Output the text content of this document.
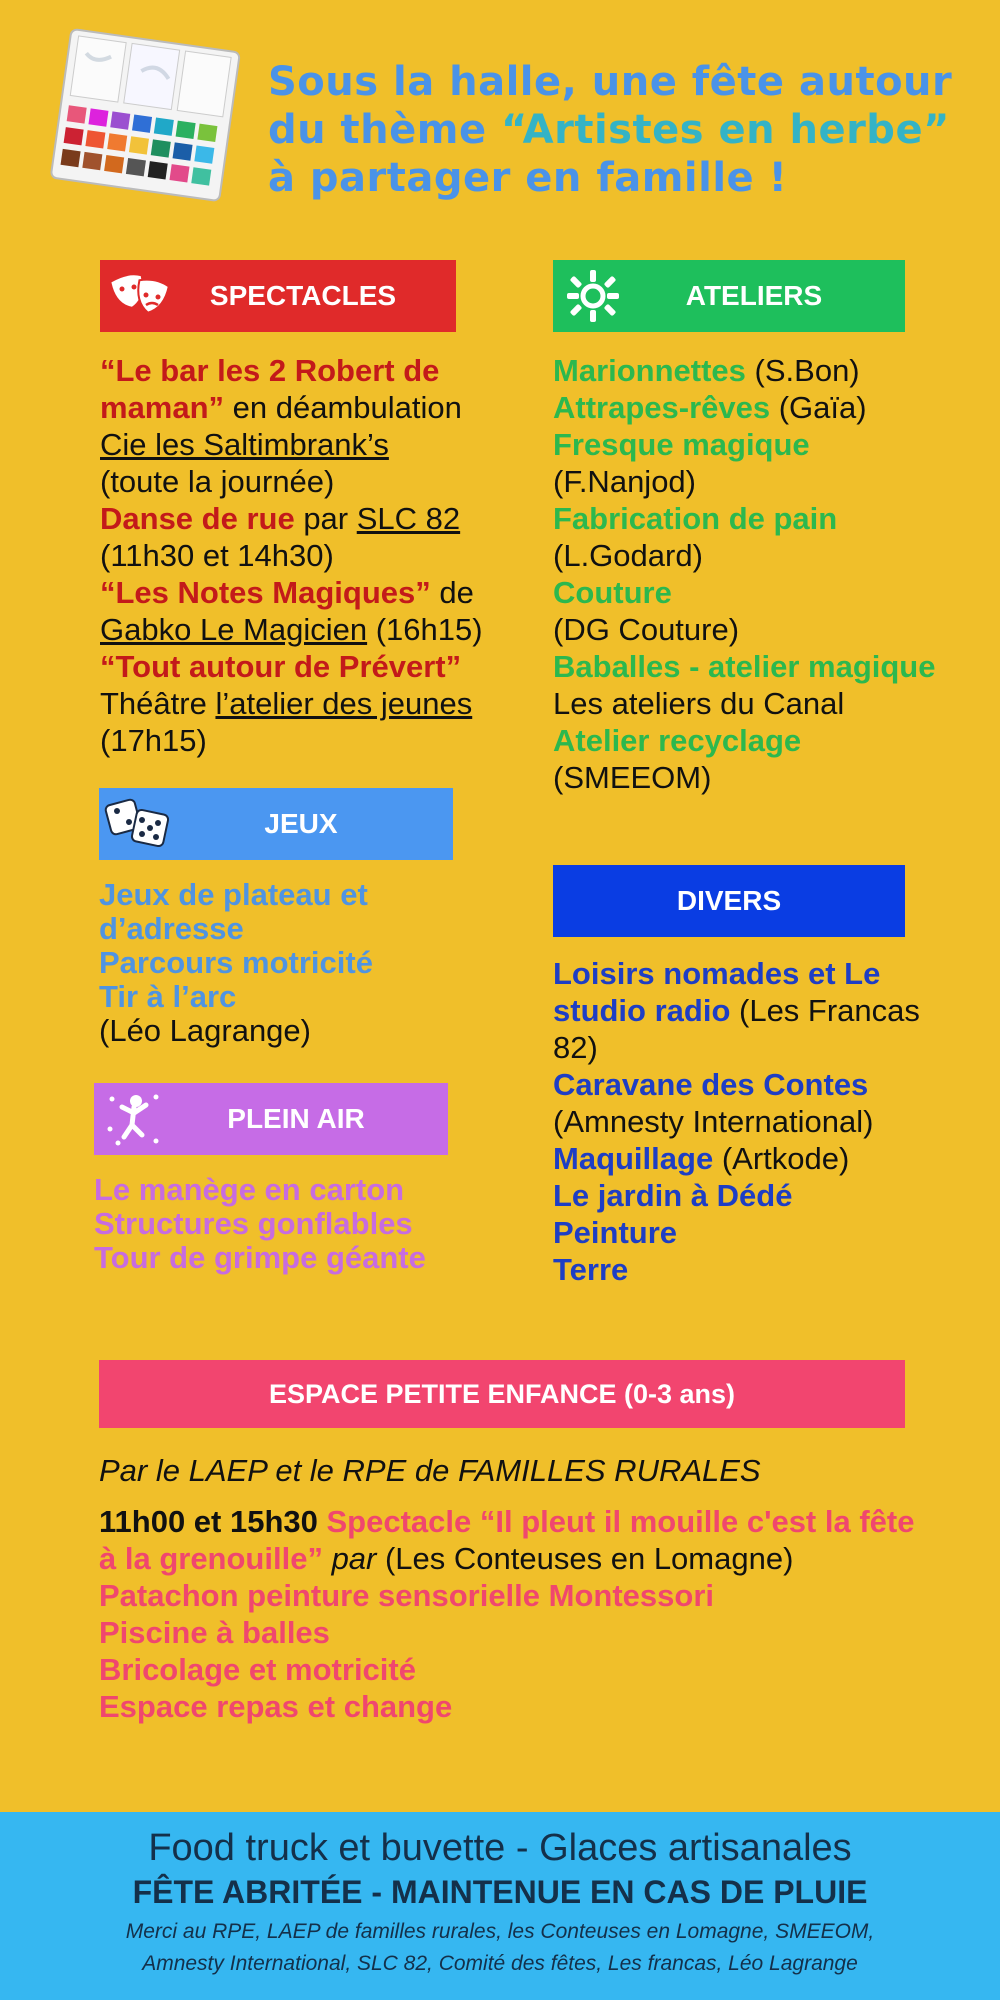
Sous la halle, une fête autour
du thème “Artistes en herbe”
à partager en famille !
SPECTACLES

“Le bar les 2 Robert de maman” en déambulation

Cie les Saltimbrank’s

(toute la journée)

Danse de rue par SLC 82

(11h30 et 14h30)

“Les Notes Magiques” de

Gabko Le Magicien (16h15)

“Tout autour de Prévert”

Théâtre l’atelier des jeunes

(17h15)

ATELIERS

Marionnettes (S.Bon)

Attrapes-rêves (Gaïa)

Fresque magique

(F.Nanjod)

Fabrication de pain

(L.Godard)

Couture

(DG Couture)

Baballes - atelier magique Les ateliers du Canal

Atelier recyclage

(SMEEOM)

JEUX

Jeux de plateau et d’adresse

Parcours motricité

Tir à l’arc

(Léo Lagrange)

PLEIN AIR

Le manège en carton

Structures gonflables

Tour de grimpe géante

DIVERS

Loisirs nomades et Le studio radio (Les Francas 82)

Caravane des Contes

(Amnesty International)

Maquillage (Artkode)

Le jardin à Dédé

Peinture

Terre

ESPACE PETITE ENFANCE (0-3 ans)

Par le LAEP et le RPE de FAMILLES RURALES

11h00 et 15h30 Spectacle “Il pleut il mouille c'est la fête à la grenouille” par (Les Conteuses en Lomagne)

Patachon peinture sensorielle Montessori

Piscine à balles

Bricolage et motricité

Espace repas et change

Food truck et buvette - Glaces artisanales
FÊTE ABRITÉE - MAINTENUE EN CAS DE PLUIE
Merci au RPE, LAEP de familles rurales, les Conteuses en Lomagne, SMEEOM,
Amnesty International, SLC 82, Comité des fêtes, Les francas, Léo Lagrange
